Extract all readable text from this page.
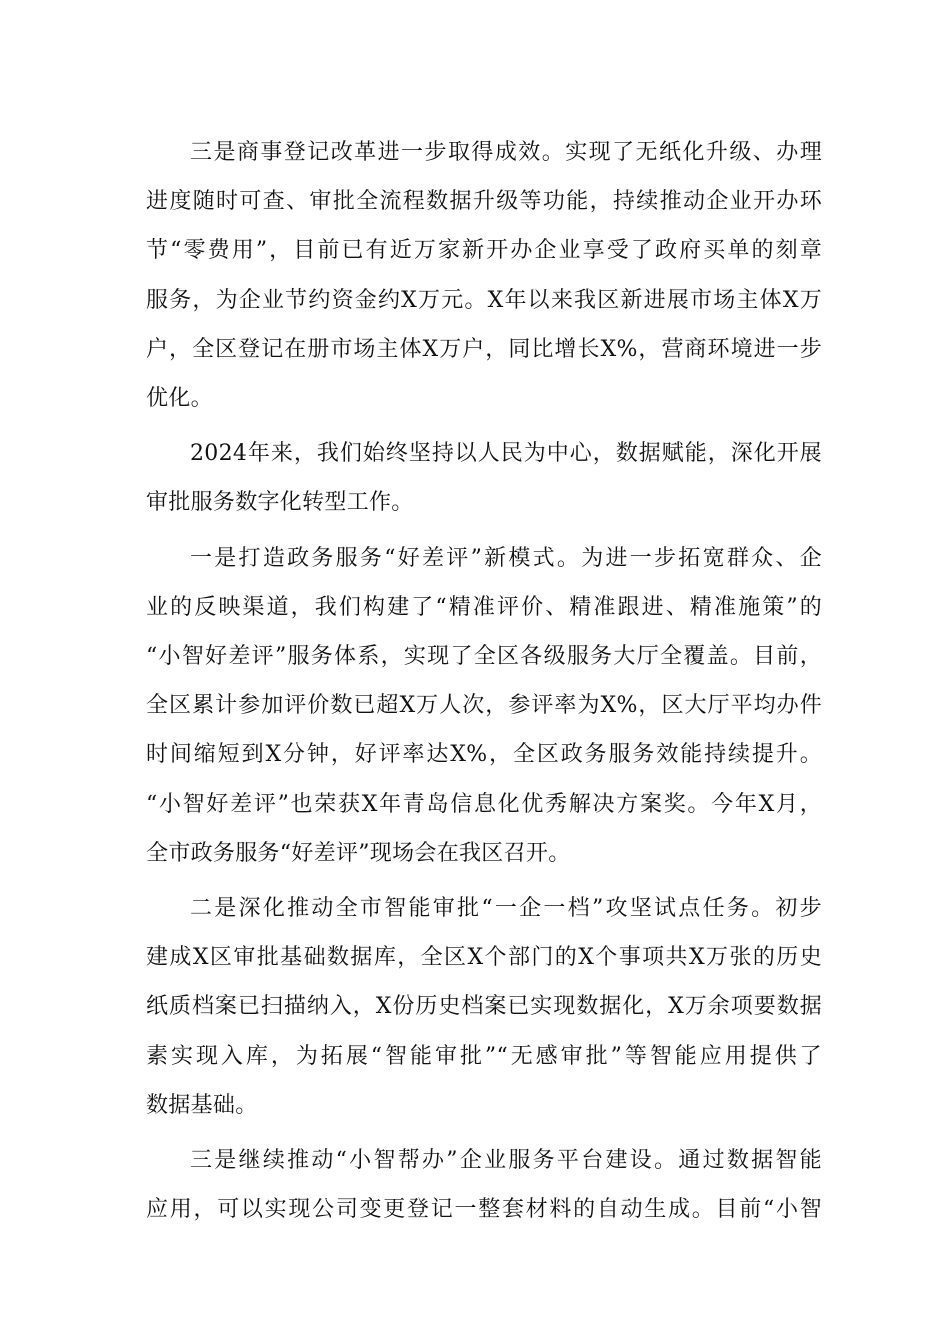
三是商事登记改革进一步取得成效。实现了无纸化升级、办理
进度随时可查、审批全流程数据升级等功能，持续推动企业开办环
节“零费用”，目前已有近万家新开办企业享受了政府买单的刻章
服务，为企业节约资金约X万元。X年以来我区新进展市场主体X万
户，全区登记在册市场主体X万户，同比增长X%，营商环境进一步
优化。
2024年来，我们始终坚持以人民为中心，数据赋能，深化开展
审批服务数字化转型工作。
一是打造政务服务“好差评”新模式。为进一步拓宽群众、企
业的反映渠道，我们构建了“精准评价、精准跟进、精准施策”的
“小智好差评”服务体系，实现了全区各级服务大厅全覆盖。目前，
全区累计参加评价数已超X万人次，参评率为X%，区大厅平均办件
时间缩短到X分钟，好评率达X%，全区政务服务效能持续提升。
“小智好差评”也荣获X年青岛信息化优秀解决方案奖。今年X月，
全市政务服务“好差评”现场会在我区召开。
二是深化推动全市智能审批“一企一档”攻坚试点任务。初步
建成X区审批基础数据库，全区X个部门的X个事项共X万张的历史
纸质档案已扫描纳入，X份历史档案已实现数据化，X万余项要数据
素实现入库，为拓展“智能审批”“无感审批”等智能应用提供了
数据基础。
三是继续推动“小智帮办”企业服务平台建设。通过数据智能
应用，可以实现公司变更登记一整套材料的自动生成。目前“小智
